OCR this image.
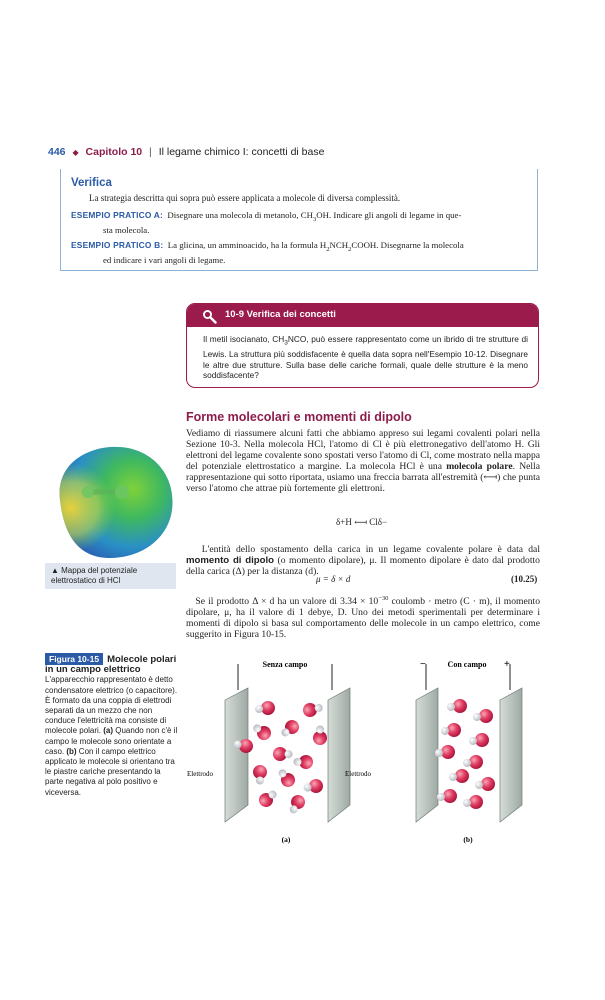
446 ◆ Capitolo 10 | Il legame chimico I: concetti di base
Verifica
La strategia descritta qui sopra può essere applicata a molecole di diversa complessità.
ESEMPIO PRATICO A: Disegnare una molecola di metanolo, $CH_3OH$. Indicare gli angoli di legame in que-
sta molecola.
ESEMPIO PRATICO B: La glicina, un amminoacido, ha la formula $H_2NCH_2COOH$. Disegnarne la molecola
ed indicare i vari angoli di legame.
10-9 Verifica dei concetti
Il metil isocianato, $CH_3NCO$, può essere rappresentato come un ibrido di tre strutture di Lewis. La struttura più soddisfacente è quella data sopra nell'Esempio 10-12. Disegnare le altre due strutture. Sulla base delle cariche formali, quale delle strutture è la meno soddisfacente?
▲ Mappa del potenziale elettrostatico di HCl
Forme molecolari e momenti di dipolo
Vediamo di riassumere alcuni fatti che abbiamo appreso sui legami covalenti polari nella Sezione 10-3. Nella molecola HCl, l'atomo di Cl è più elettronegativo dell'atomo H. Gli elettroni del legame covalente sono spostati verso l'atomo di Cl, come mostrato nella mappa del potenziale elettrostatico a margine. La molecola HCl è una molecola polare. Nella rappresentazione qui sotto riportata, usiamo una freccia barrata all'estremità (⟻) che punta verso l'atomo che attrae più fortemente gli elettroni.
δ+H ⟻ Clδ−
L'entità dello spostamento della carica in un legame covalente polare è data dal momento di dipolo (o momento dipolare), μ. Il momento dipolare è dato dal prodotto della carica (Δ) per la distanza (d).
μ = δ × d	(10.25)
Se il prodotto Δ × d ha un valore di $3.34 \times 10^{-30}$ coulomb · metro (C · m), il momento dipolare, μ, ha il valore di 1 debye, D. Uno dei metodi sperimentali per determinare i momenti di dipolo si basa sul comportamento delle molecole in un campo elettrico, come suggerito in Figura 10-15.
Figura 10-15 Molecole polari in un campo elettrico
L'apparecchio rappresentato è detto condensatore elettrico (o capacitore). È formato da una coppia di elettrodi separati da un mezzo che non conduce l'elettricità ma consiste di molecole polari. (a) Quando non c'è il campo le molecole sono orientate a caso. (b) Con il campo elettrico applicato le molecole si orientano tra le piastre cariche presentando la parte negativa al polo positivo e viceversa.
Senza campo	Con campo
−	+
Elettrodo	Elettrodo
(a)	(b)
